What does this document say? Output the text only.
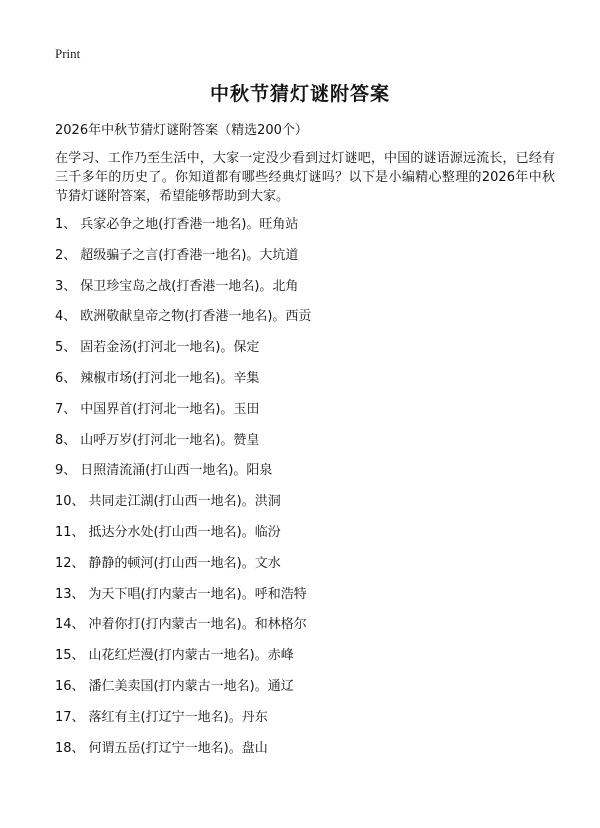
Print
中秋节猜灯谜附答案
2026年中秋节猜灯谜附答案（精选200个）

在学习、工作乃至生活中，大家一定没少看到过灯谜吧，中国的谜语源远流长，已经有三千多年的历史了。你知道都有哪些经典灯谜吗？以下是小编精心整理的2026年中秋节猜灯谜附答案，希望能够帮助到大家。

1、 兵家必争之地(打香港一地名)。旺角站
2、 超级骗子之言(打香港一地名)。大坑道
3、 保卫珍宝岛之战(打香港一地名)。北角
4、 欧洲敬献皇帝之物(打香港一地名)。西贡
5、 固若金汤(打河北一地名)。保定
6、 辣椒市场(打河北一地名)。辛集
7、 中国界首(打河北一地名)。玉田
8、 山呼万岁(打河北一地名)。赞皇
9、 日照清流涌(打山西一地名)。阳泉
10、 共同走江湖(打山西一地名)。洪洞
11、 抵达分水处(打山西一地名)。临汾
12、 静静的顿河(打山西一地名)。文水
13、 为天下唱(打内蒙古一地名)。呼和浩特
14、 冲着你打(打内蒙古一地名)。和林格尔
15、 山花红烂漫(打内蒙古一地名)。赤峰
16、 潘仁美卖国(打内蒙古一地名)。通辽
17、 落红有主(打辽宁一地名)。丹东
18、 何谓五岳(打辽宁一地名)。盘山
